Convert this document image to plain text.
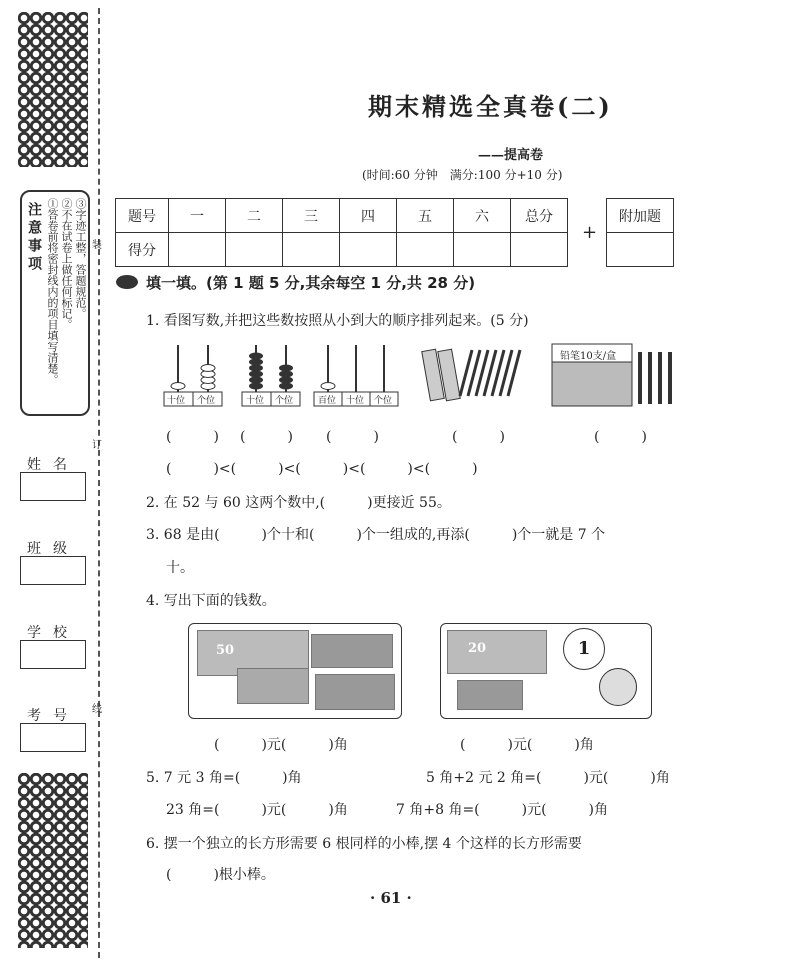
装
订
线
注意事项 ①答卷前将密封线内的项目填写清楚。 ②不在试卷上做任何标记。 ③字迹工整，答题规范。
姓名
班级
学校
考号
期末精选全真卷(二)
——提高卷
(时间:60 分钟　满分:100 分+10 分)
题号	一	二	三	四	五	六	总分
得分							
+
附加题

填一填。(第 1 题 5 分,其余每空 1 分,共 28 分)
1. 看图写数,并把这些数按照从小到大的顺序排列起来。(5 分)
十位 个位	十位 个位	百位 十位 个位
铅笔10支/盒
(　　　) (　　　) (　　　)	(　　　)	(　　　)
(　　　)<(　　　)<(　　　)<(　　　)<(　　　)
2. 在 52 与 60 这两个数中,(　　　)更接近 55。
3. 68 是由(　　　)个十和(　　　)个一组成的,再添(　　　)个一就是 7 个
十。
4. 写出下面的钱数。
50	20	1
(　　　)元(　　　)角	(　　　)元(　　　)角
5. 7 元 3 角=(　　　)角	5 角+2 元 2 角=(　　　)元(　　　)角
23 角=(　　　)元(　　　)角	7 角+8 角=(　　　)元(　　　)角
6. 摆一个独立的长方形需要 6 根同样的小棒,摆 4 个这样的长方形需要
(　　　)根小棒。
· 61 ·
